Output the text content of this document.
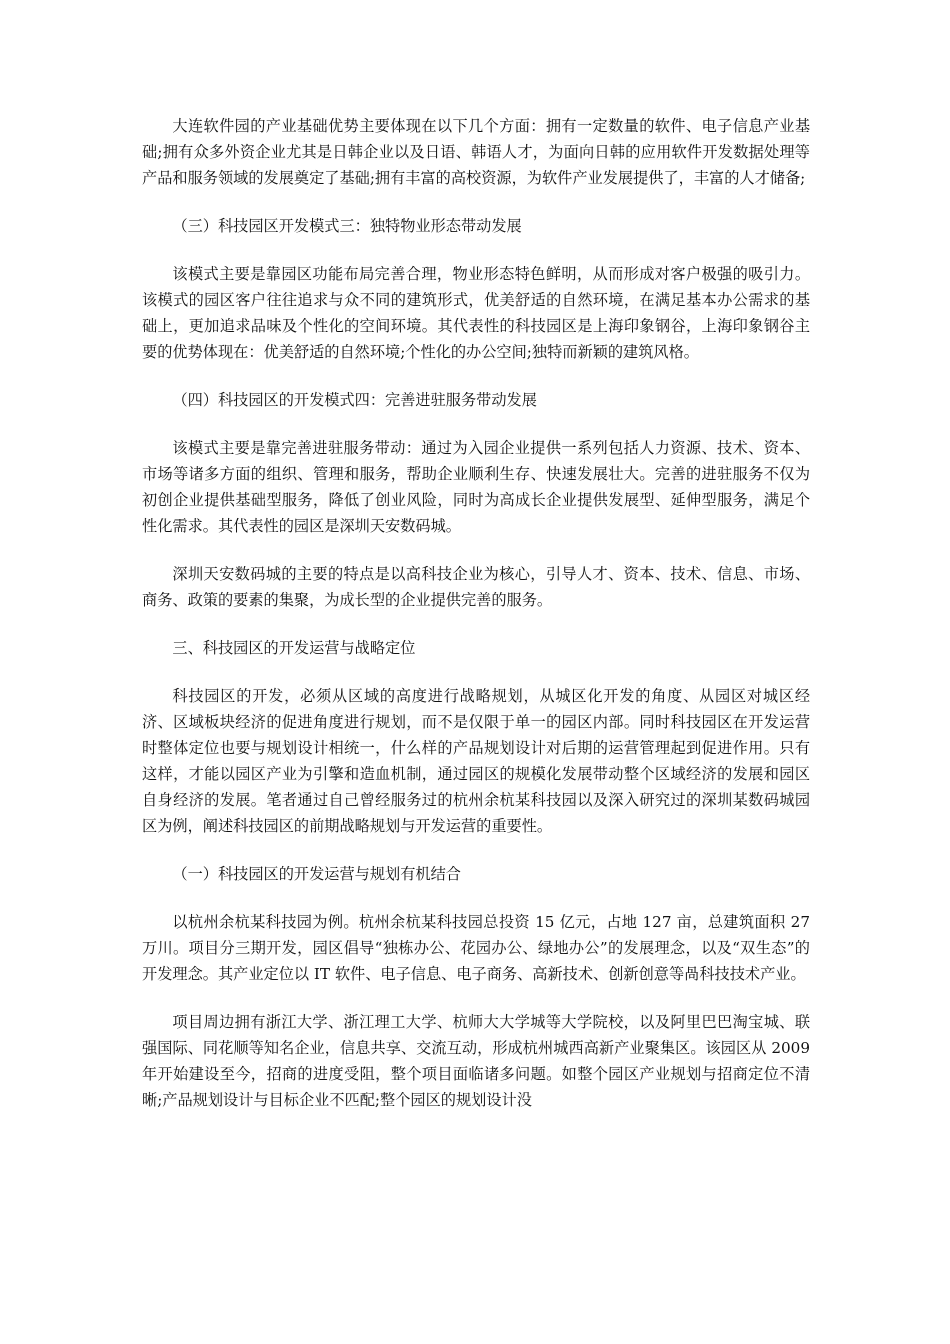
大连软件园的产业基础优势主要体现在以下几个方面：拥有一定数量的软件、电子信息产业基础;拥有众多外资企业尤其是日韩企业以及日语、韩语人才，为面向日韩的应用软件开发数据处理等产品和服务领域的发展奠定了基础;拥有丰富的高校资源，为软件产业发展提供了，丰富的人才储备;

（三）科技园区开发模式三：独特物业形态带动发展

该模式主要是靠园区功能布局完善合理，物业形态特色鲜明，从而形成对客户极强的吸引力。该模式的园区客户往往追求与众不同的建筑形式，优美舒适的自然环境，在满足基本办公需求的基础上，更加追求品味及个性化的空间环境。其代表性的科技园区是上海印象钢谷，上海印象钢谷主要的优势体现在：优美舒适的自然环境;个性化的办公空间;独特而新颖的建筑风格。

（四）科技园区的开发模式四：完善进驻服务带动发展

该模式主要是靠完善进驻服务带动：通过为入园企业提供一系列包括人力资源、技术、资本、市场等诸多方面的组织、管理和服务，帮助企业顺利生存、快速发展壮大。完善的进驻服务不仅为初创企业提供基础型服务，降低了创业风险，同时为高成长企业提供发展型、延伸型服务，满足个性化需求。其代表性的园区是深圳天安数码城。

深圳天安数码城的主要的特点是以高科技企业为核心，引导人才、资本、技术、信息、市场、商务、政策的要素的集聚，为成长型的企业提供完善的服务。

三、科技园区的开发运营与战略定位

科技园区的开发，必须从区域的高度进行战略规划，从城区化开发的角度、从园区对城区经济、区域板块经济的促进角度进行规划，而不是仅限于单一的园区内部。同时科技园区在开发运营时整体定位也要与规划设计相统一，什么样的产品规划设计对后期的运营管理起到促进作用。只有这样，才能以园区产业为引擎和造血机制，通过园区的规模化发展带动整个区域经济的发展和园区自身经济的发展。笔者通过自己曾经服务过的杭州余杭某科技园以及深入研究过的深圳某数码城园区为例，阐述科技园区的前期战略规划与开发运营的重要性。

（一）科技园区的开发运营与规划有机结合

以杭州余杭某科技园为例。杭州余杭某科技园总投资 15 亿元，占地 127 亩，总建筑面积 27 万川。项目分三期开发，园区倡导“独栋办公、花园办公、绿地办公”的发展理念，以及“双生态”的开发理念。其产业定位以 IT 软件、电子信息、电子商务、高新技术、创新创意等咼科技技术产业。

项目周边拥有浙江大学、浙江理工大学、杭师大大学城等大学院校，以及阿里巴巴淘宝城、联强国际、同花顺等知名企业，信息共享、交流互动，形成杭州城西高新产业聚集区。该园区从 2009 年开始建设至今，招商的进度受阻，整个项目面临诸多问题。如整个园区产业规划与招商定位不清晰;产品规划设计与目标企业不匹配;整个园区的规划设计没
